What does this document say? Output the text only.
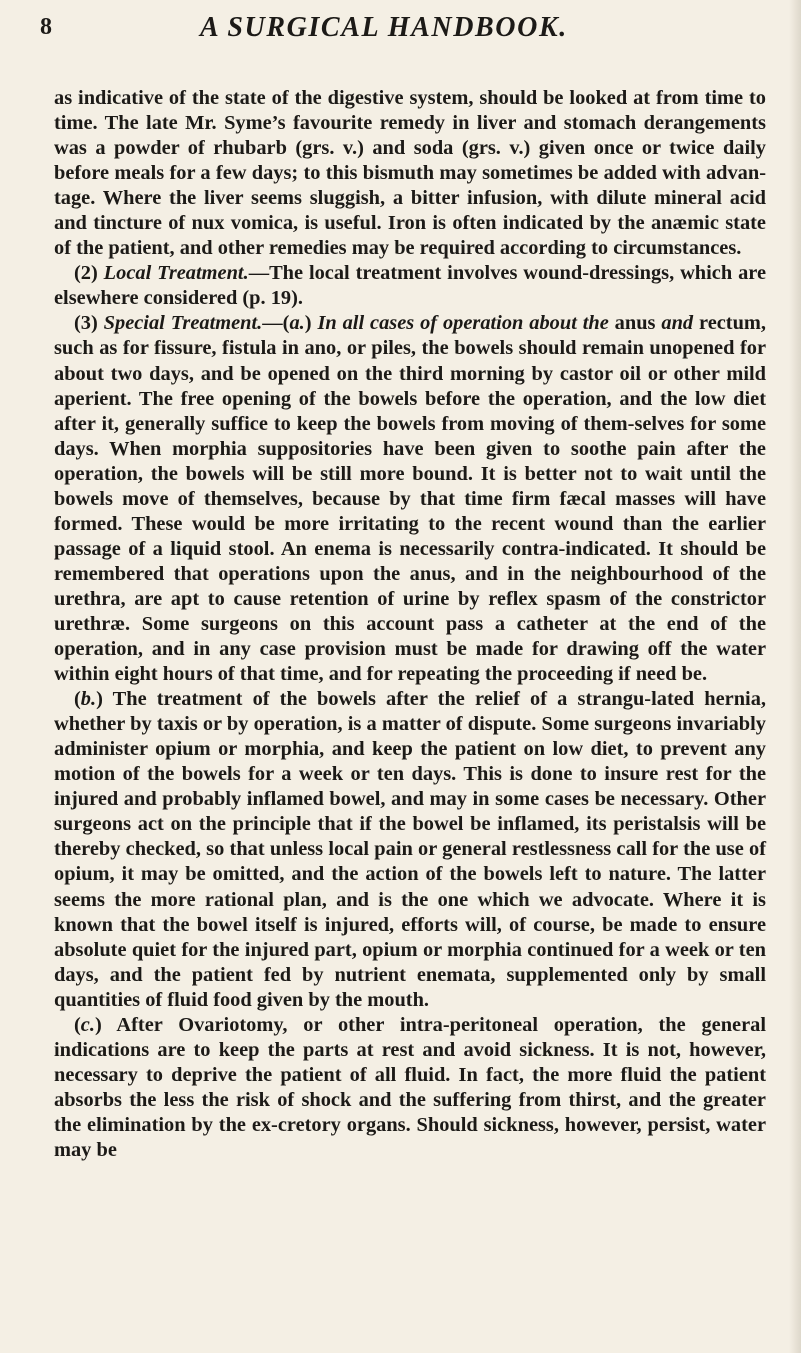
8	A SURGICAL HANDBOOK.

as indicative of the state of the digestive system, should be looked at from time to time. The late Mr. Syme’s favourite remedy in liver and stomach derangements was a powder of rhubarb (grs. v.) and soda (grs. v.) given once or twice daily before meals for a few days; to this bismuth may sometimes be added with advan-tage. Where the liver seems sluggish, a bitter infusion, with dilute mineral acid and tincture of nux vomica, is useful. Iron is often indicated by the anæmic state of the patient, and other remedies may be required according to circumstances.

(2) Local Treatment.—The local treatment involves wound-dressings, which are elsewhere considered (p. 19).

(3) Special Treatment.—(a.) In all cases of operation about the anus and rectum, such as for fissure, fistula in ano, or piles, the bowels should remain unopened for about two days, and be opened on the third morning by castor oil or other mild aperient. The free opening of the bowels before the operation, and the low diet after it, generally suffice to keep the bowels from moving of them-selves for some days. When morphia suppositories have been given to soothe pain after the operation, the bowels will be still more bound. It is better not to wait until the bowels move of themselves, because by that time firm fæcal masses will have formed. These would be more irritating to the recent wound than the earlier passage of a liquid stool. An enema is necessarily contra-indicated. It should be remembered that operations upon the anus, and in the neighbourhood of the urethra, are apt to cause retention of urine by reflex spasm of the constrictor urethræ. Some surgeons on this account pass a catheter at the end of the operation, and in any case provision must be made for drawing off the water within eight hours of that time, and for repeating the proceeding if need be.

(b.) The treatment of the bowels after the relief of a strangu-lated hernia, whether by taxis or by operation, is a matter of dispute. Some surgeons invariably administer opium or morphia, and keep the patient on low diet, to prevent any motion of the bowels for a week or ten days. This is done to insure rest for the injured and probably inflamed bowel, and may in some cases be necessary. Other surgeons act on the principle that if the bowel be inflamed, its peristalsis will be thereby checked, so that unless local pain or general restlessness call for the use of opium, it may be omitted, and the action of the bowels left to nature. The latter seems the more rational plan, and is the one which we advocate. Where it is known that the bowel itself is injured, efforts will, of course, be made to ensure absolute quiet for the injured part, opium or morphia continued for a week or ten days, and the patient fed by nutrient enemata, supplemented only by small quantities of fluid food given by the mouth.

(c.) After Ovariotomy, or other intra-peritoneal operation, the general indications are to keep the parts at rest and avoid sickness. It is not, however, necessary to deprive the patient of all fluid. In fact, the more fluid the patient absorbs the less the risk of shock and the suffering from thirst, and the greater the elimination by the ex-cretory organs. Should sickness, however, persist, water may be
